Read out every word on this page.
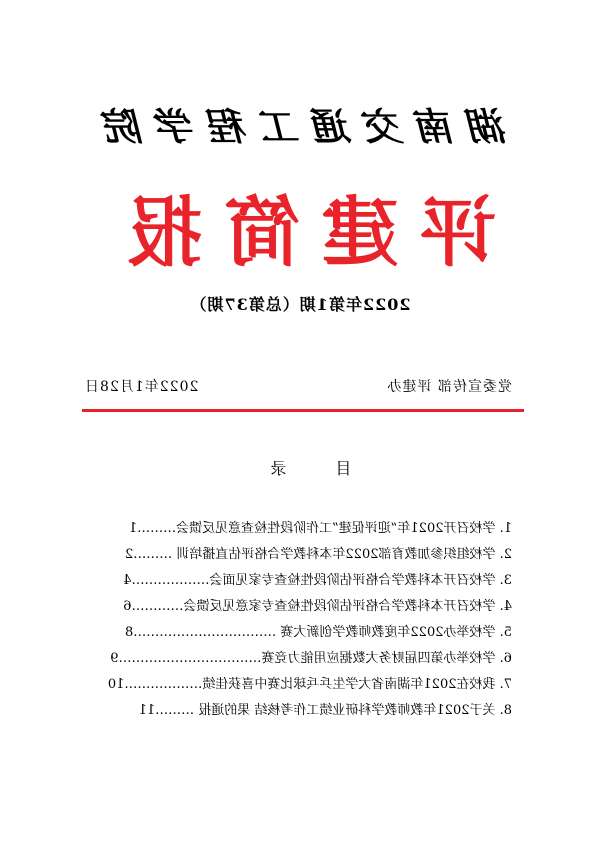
湖南交通工程学院
评建简报
2022年第1期（总第37期）
党委宣传部 评建办
2022年1月28日
目 录
1. 学校召开2021年“迎评促建”工作阶段性检查意见反馈会………1
2. 学校组织参加教育部2022年本科教学合格评估直播培训 ………2
3. 学校召开本科教学合格评估阶段性检查专家见面会………………4
4. 学校召开本科教学合格评估阶段性检查专家意见反馈会…………6
5. 学校举办2022年度教师教学创新大赛 ……………………………8
6. 学校举办第四届财务大数据应用能力竞赛……………………………9
7. 我校在2021年湖南省大学生乒乓球比赛中喜获佳绩………………10
8. 关于2021年教师教学科研业绩工作考核结 果的通报 ………11
